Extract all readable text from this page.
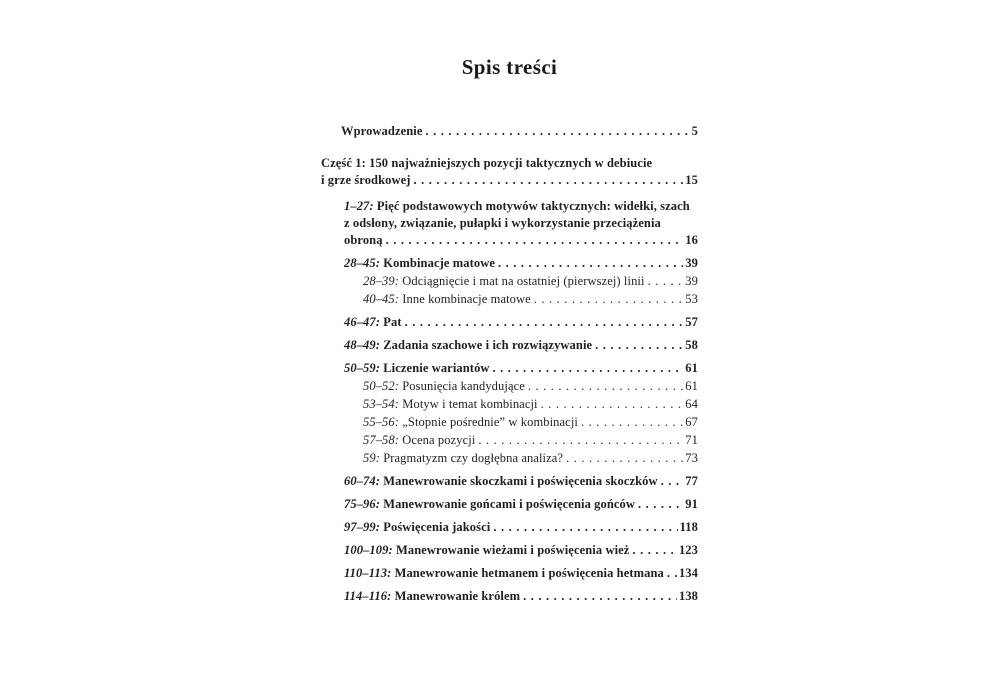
Spis treści
Wprowadzenie .....	5
Część 1: 150 najważniejszych pozycji taktycznych w debiucie
i grze środkowej .....	15
1–27: Pięć podstawowych motywów taktycznych: widełki, szach
z odsłony, związanie, pułapki i wykorzystanie przeciążenia
obroną .....	16
28–45: Kombinacje matowe .....	39
28–39: Odciągnięcie i mat na ostatniej (pierwszej) linii .....	39
40–45: Inne kombinacje matowe .....	53
46–47: Pat .....	57
48–49: Zadania szachowe i ich rozwiązywanie .....	58
50–59: Liczenie wariantów .....	61
50–52: Posunięcia kandydujące .....	61
53–54: Motyw i temat kombinacji .....	64
55–56: „Stopnie pośrednie” w kombinacji .....	67
57–58: Ocena pozycji .....	71
59: Pragmatyzm czy dogłębna analiza? .....	73
60–74: Manewrowanie skoczkami i poświęcenia skoczków ..... 77
75–96: Manewrowanie gońcami i poświęcenia gońców .....	91
97–99: Poświęcenia jakości .....	118
100–109: Manewrowanie wieżami i poświęcenia wież .....	123
110–113: Manewrowanie hetmanem i poświęcenia hetmana ..... 134
114–116: Manewrowanie królem .....	138
